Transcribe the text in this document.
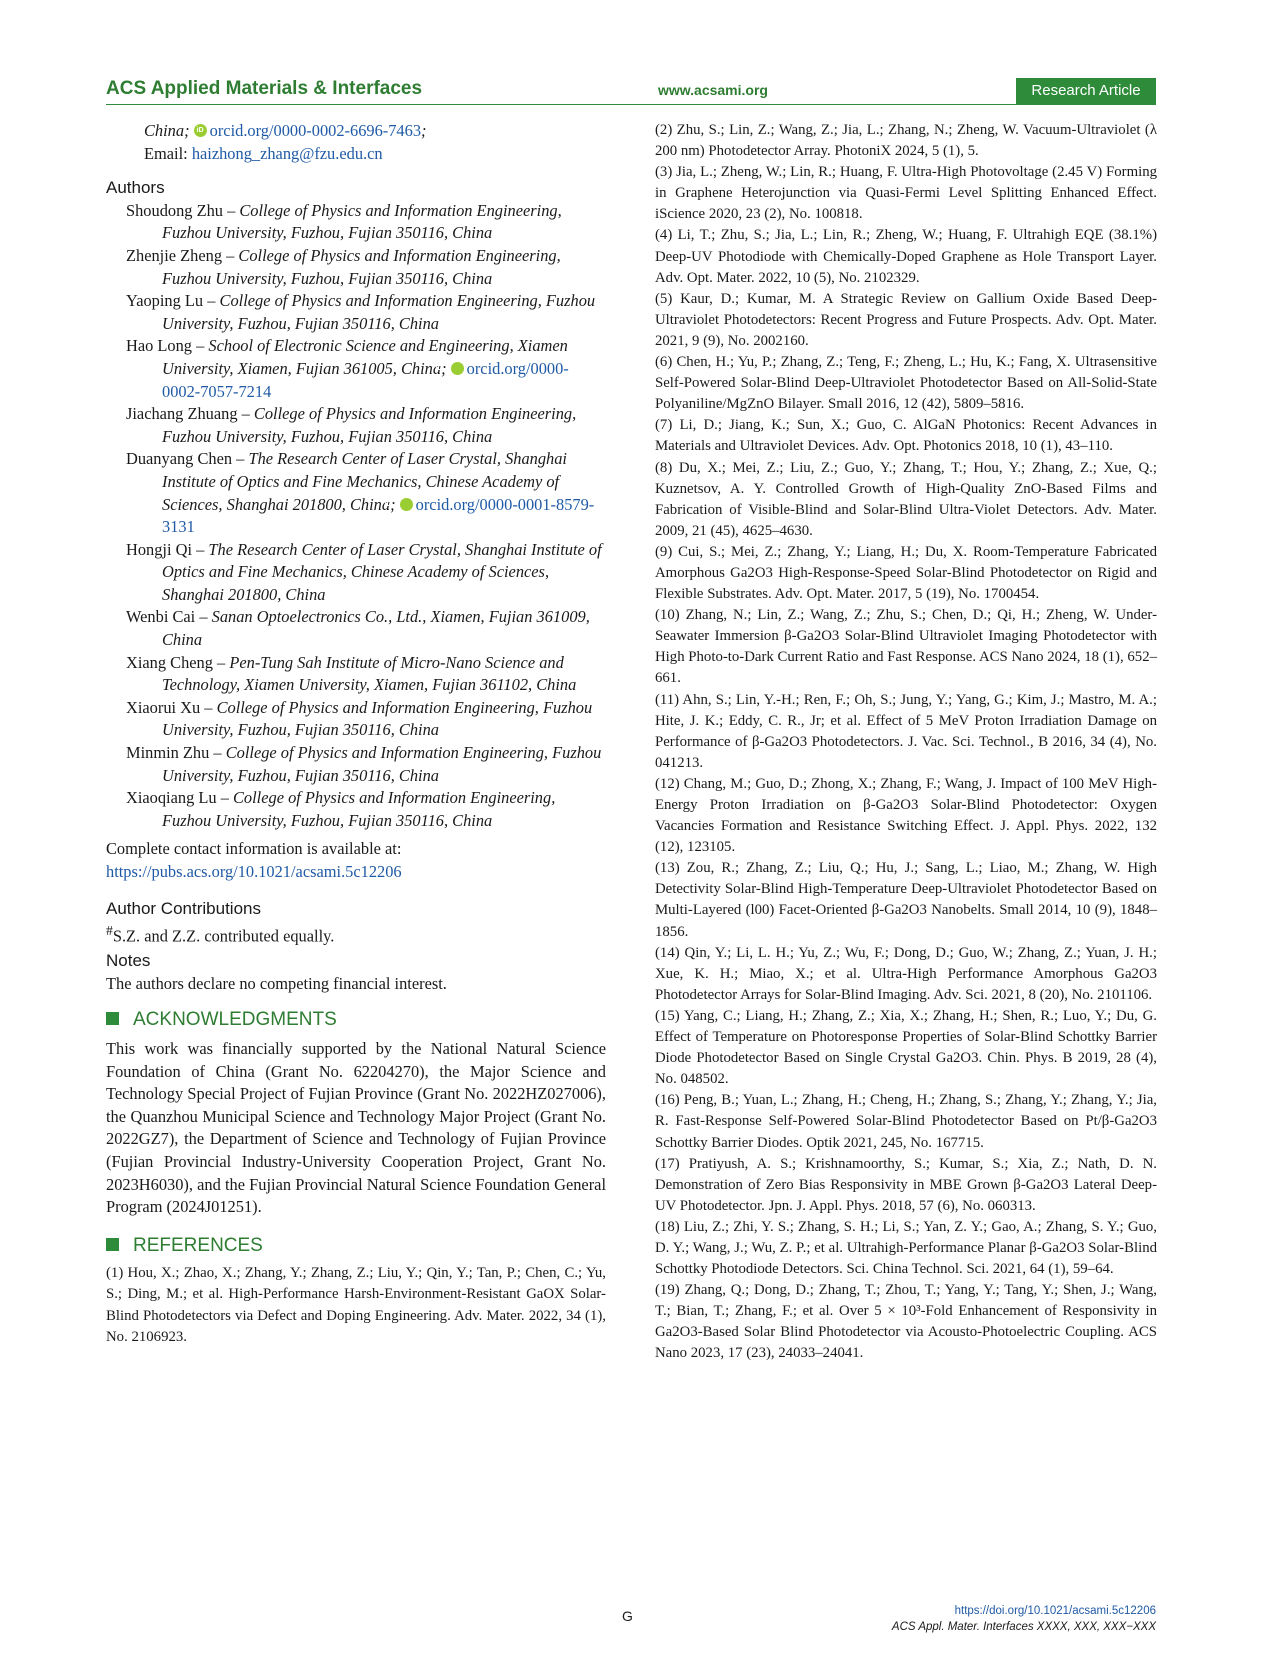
ACS Applied Materials & Interfaces	www.acsami.org	Research Article
China; iD orcid.org/0000-0002-6696-7463;
Email: haizhong_zhang@fzu.edu.cn
Authors
Shoudong Zhu – College of Physics and Information Engineering, Fuzhou University, Fuzhou, Fujian 350116, China
Zhenjie Zheng – College of Physics and Information Engineering, Fuzhou University, Fuzhou, Fujian 350116, China
Yaoping Lu – College of Physics and Information Engineering, Fuzhou University, Fuzhou, Fujian 350116, China
Hao Long – School of Electronic Science and Engineering, Xiamen University, Xiamen, Fujian 361005, China; iD orcid.org/0000-0002-7057-7214
Jiachang Zhuang – College of Physics and Information Engineering, Fuzhou University, Fuzhou, Fujian 350116, China
Duanyang Chen – The Research Center of Laser Crystal, Shanghai Institute of Optics and Fine Mechanics, Chinese Academy of Sciences, Shanghai 201800, China; iD orcid.org/0000-0001-8579-3131
Hongji Qi – The Research Center of Laser Crystal, Shanghai Institute of Optics and Fine Mechanics, Chinese Academy of Sciences, Shanghai 201800, China
Wenbi Cai – Sanan Optoelectronics Co., Ltd., Xiamen, Fujian 361009, China
Xiang Cheng – Pen-Tung Sah Institute of Micro-Nano Science and Technology, Xiamen University, Xiamen, Fujian 361102, China
Xiaorui Xu – College of Physics and Information Engineering, Fuzhou University, Fuzhou, Fujian 350116, China
Minmin Zhu – College of Physics and Information Engineering, Fuzhou University, Fuzhou, Fujian 350116, China
Xiaoqiang Lu – College of Physics and Information Engineering, Fuzhou University, Fuzhou, Fujian 350116, China
Complete contact information is available at:
https://pubs.acs.org/10.1021/acsami.5c12206
Author Contributions
#S.Z. and Z.Z. contributed equally.
Notes
The authors declare no competing financial interest.
ACKNOWLEDGMENTS
This work was financially supported by the National Natural Science Foundation of China (Grant No. 62204270), the Major Science and Technology Special Project of Fujian Province (Grant No. 2022HZ027006), the Quanzhou Municipal Science and Technology Major Project (Grant No. 2022GZ7), the Department of Science and Technology of Fujian Province (Fujian Provincial Industry-University Cooperation Project, Grant No. 2023H6030), and the Fujian Provincial Natural Science Foundation General Program (2024J01251).
REFERENCES
(1) Hou, X.; Zhao, X.; Zhang, Y.; Zhang, Z.; Liu, Y.; Qin, Y.; Tan, P.; Chen, C.; Yu, S.; Ding, M.; et al. High-Performance Harsh-Environment-Resistant GaOX Solar-Blind Photodetectors via Defect and Doping Engineering. Adv. Mater. 2022, 34 (1), No. 2106923.
(2) Zhu, S.; Lin, Z.; Wang, Z.; Jia, L.; Zhang, N.; Zheng, W. Vacuum-Ultraviolet (λ 200 nm) Photodetector Array. PhotoniX 2024, 5 (1), 5.
(3) Jia, L.; Zheng, W.; Lin, R.; Huang, F. Ultra-High Photovoltage (2.45 V) Forming in Graphene Heterojunction via Quasi-Fermi Level Splitting Enhanced Effect. iScience 2020, 23 (2), No. 100818.
(4) Li, T.; Zhu, S.; Jia, L.; Lin, R.; Zheng, W.; Huang, F. Ultrahigh EQE (38.1%) Deep-UV Photodiode with Chemically-Doped Graphene as Hole Transport Layer. Adv. Opt. Mater. 2022, 10 (5), No. 2102329.
(5) Kaur, D.; Kumar, M. A Strategic Review on Gallium Oxide Based Deep-Ultraviolet Photodetectors: Recent Progress and Future Prospects. Adv. Opt. Mater. 2021, 9 (9), No. 2002160.
(6) Chen, H.; Yu, P.; Zhang, Z.; Teng, F.; Zheng, L.; Hu, K.; Fang, X. Ultrasensitive Self-Powered Solar-Blind Deep-Ultraviolet Photodetector Based on All-Solid-State Polyaniline/MgZnO Bilayer. Small 2016, 12 (42), 5809–5816.
(7) Li, D.; Jiang, K.; Sun, X.; Guo, C. AlGaN Photonics: Recent Advances in Materials and Ultraviolet Devices. Adv. Opt. Photonics 2018, 10 (1), 43–110.
(8) Du, X.; Mei, Z.; Liu, Z.; Guo, Y.; Zhang, T.; Hou, Y.; Zhang, Z.; Xue, Q.; Kuznetsov, A. Y. Controlled Growth of High-Quality ZnO-Based Films and Fabrication of Visible-Blind and Solar-Blind Ultra-Violet Detectors. Adv. Mater. 2009, 21 (45), 4625–4630.
(9) Cui, S.; Mei, Z.; Zhang, Y.; Liang, H.; Du, X. Room-Temperature Fabricated Amorphous Ga2O3 High-Response-Speed Solar-Blind Photodetector on Rigid and Flexible Substrates. Adv. Opt. Mater. 2017, 5 (19), No. 1700454.
(10) Zhang, N.; Lin, Z.; Wang, Z.; Zhu, S.; Chen, D.; Qi, H.; Zheng, W. Under-Seawater Immersion β-Ga2O3 Solar-Blind Ultraviolet Imaging Photodetector with High Photo-to-Dark Current Ratio and Fast Response. ACS Nano 2024, 18 (1), 652–661.
(11) Ahn, S.; Lin, Y.-H.; Ren, F.; Oh, S.; Jung, Y.; Yang, G.; Kim, J.; Mastro, M. A.; Hite, J. K.; Eddy, C. R., Jr; et al. Effect of 5 MeV Proton Irradiation Damage on Performance of β-Ga2O3 Photodetectors. J. Vac. Sci. Technol., B 2016, 34 (4), No. 041213.
(12) Chang, M.; Guo, D.; Zhong, X.; Zhang, F.; Wang, J. Impact of 100 MeV High-Energy Proton Irradiation on β-Ga2O3 Solar-Blind Photodetector: Oxygen Vacancies Formation and Resistance Switching Effect. J. Appl. Phys. 2022, 132 (12), 123105.
(13) Zou, R.; Zhang, Z.; Liu, Q.; Hu, J.; Sang, L.; Liao, M.; Zhang, W. High Detectivity Solar-Blind High-Temperature Deep-Ultraviolet Photodetector Based on Multi-Layered (l00) Facet-Oriented β-Ga2O3 Nanobelts. Small 2014, 10 (9), 1848–1856.
(14) Qin, Y.; Li, L. H.; Yu, Z.; Wu, F.; Dong, D.; Guo, W.; Zhang, Z.; Yuan, J. H.; Xue, K. H.; Miao, X.; et al. Ultra-High Performance Amorphous Ga2O3 Photodetector Arrays for Solar-Blind Imaging. Adv. Sci. 2021, 8 (20), No. 2101106.
(15) Yang, C.; Liang, H.; Zhang, Z.; Xia, X.; Zhang, H.; Shen, R.; Luo, Y.; Du, G. Effect of Temperature on Photoresponse Properties of Solar-Blind Schottky Barrier Diode Photodetector Based on Single Crystal Ga2O3. Chin. Phys. B 2019, 28 (4), No. 048502.
(16) Peng, B.; Yuan, L.; Zhang, H.; Cheng, H.; Zhang, S.; Zhang, Y.; Zhang, Y.; Jia, R. Fast-Response Self-Powered Solar-Blind Photodetector Based on Pt/β-Ga2O3 Schottky Barrier Diodes. Optik 2021, 245, No. 167715.
(17) Pratiyush, A. S.; Krishnamoorthy, S.; Kumar, S.; Xia, Z.; Nath, D. N. Demonstration of Zero Bias Responsivity in MBE Grown β-Ga2O3 Lateral Deep-UV Photodetector. Jpn. J. Appl. Phys. 2018, 57 (6), No. 060313.
(18) Liu, Z.; Zhi, Y. S.; Zhang, S. H.; Li, S.; Yan, Z. Y.; Gao, A.; Zhang, S. Y.; Guo, D. Y.; Wang, J.; Wu, Z. P.; et al. Ultrahigh-Performance Planar β-Ga2O3 Solar-Blind Schottky Photodiode Detectors. Sci. China Technol. Sci. 2021, 64 (1), 59–64.
(19) Zhang, Q.; Dong, D.; Zhang, T.; Zhou, T.; Yang, Y.; Tang, Y.; Shen, J.; Wang, T.; Bian, T.; Zhang, F.; et al. Over 5 × 10³-Fold Enhancement of Responsivity in Ga2O3-Based Solar Blind Photodetector via Acousto-Photoelectric Coupling. ACS Nano 2023, 17 (23), 24033–24041.
G	https://doi.org/10.1021/acsami.5c12206
ACS Appl. Mater. Interfaces XXXX, XXX, XXX−XXX
